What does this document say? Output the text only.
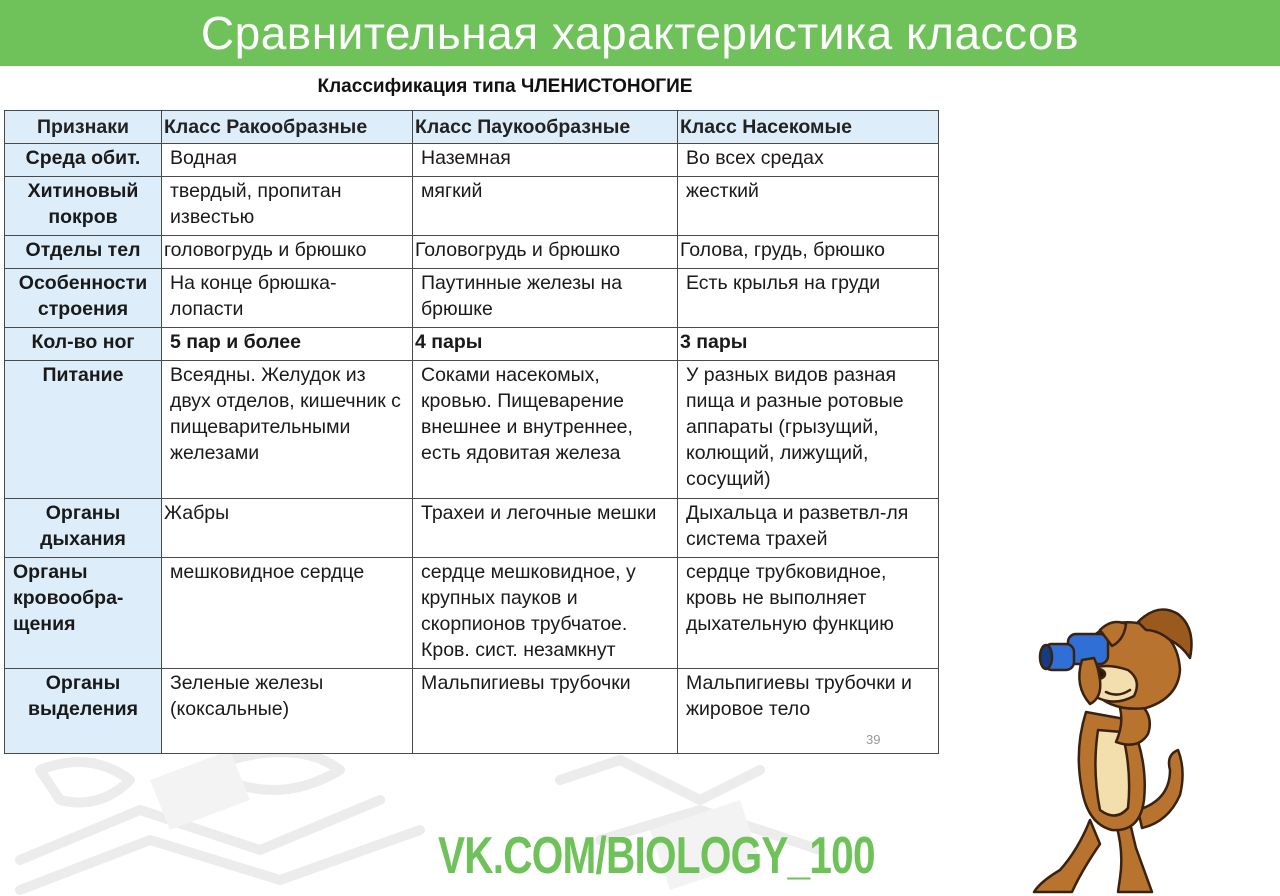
Сравнительная характеристика классов
Классификация типа ЧЛЕНИСТОНОГИЕ
Признаки	Класс Ракообразные	Класс Паукообразные	Класс Насекомые
Среда обит.	Водная	Наземная	Во всех средах
Хитиновый покров	твердый, пропитан известью	мягкий	жесткий
Отделы тел	головогрудь и брюшко	Головогрудь и брюшко	Голова, грудь, брюшко
Особенности строения	На конце брюшка-лопасти	Паутинные железы на брюшке	Есть крылья на груди
Кол-во ног	5 пар и более	4 пары	3 пары
Питание	Всеядны. Желудок из двух отделов, кишечник с пищеварительными железами	Соками насекомых, кровью. Пищеварение внешнее и внутреннее, есть ядовитая железа	У разных видов разная пища и разные ротовые аппараты (грызущий, колющий, лижущий, сосущий)
Органы дыхания	Жабры	Трахеи и легочные мешки	Дыхальца и разветвл-ля система трахей
Органы кровообра-щения	мешковидное сердце	сердце мешковидное, у крупных пауков и скорпионов трубчатое. Кров. сист. незамкнут	сердце трубковидное, кровь не выполняет дыхательную функцию
Органы выделения	Зеленые железы (коксальные)	Мальпигиевы трубочки	Мальпигиевы трубочки и жировое тело
39
VK.COM/BIOLOGY_100
